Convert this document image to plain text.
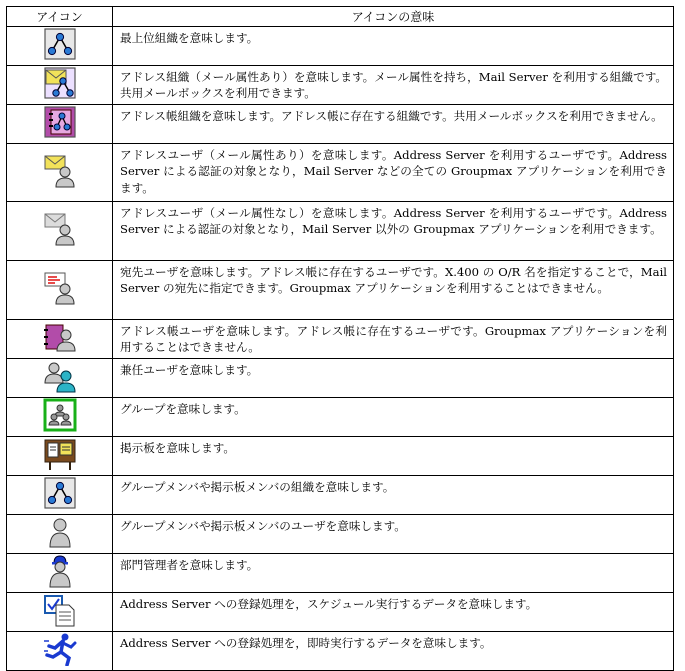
アイコン	アイコンの意味

最上位組織を意味します。

アドレス組織（メール属性あり）を意味します。メール属性を持ち，Mail Server を利用する組織です。共用メールボックスを利用できます。

アドレス帳組織を意味します。アドレス帳に存在する組織です。共用メールボックスを利用できません。

アドレスユーザ（メール属性あり）を意味します。Address Server を利用するユーザです。Address Server による認証の対象となり，Mail Server などの全ての Groupmax アプリケーションを利用できます。

アドレスユーザ（メール属性なし）を意味します。Address Server を利用するユーザです。Address Server による認証の対象となり，Mail Server 以外の Groupmax アプリケーションを利用できます。

宛先ユーザを意味します。アドレス帳に存在するユーザです。X.400 の O/R 名を指定することで，Mail Server の宛先に指定できます。Groupmax アプリケーションを利用することはできません。

アドレス帳ユーザを意味します。アドレス帳に存在するユーザです。Groupmax アプリケーションを利用することはできません。

兼任ユーザを意味します。

グループを意味します。

掲示板を意味します。

グループメンバや掲示板メンバの組織を意味します。

グループメンバや掲示板メンバのユーザを意味します。

部門管理者を意味します。

Address Server への登録処理を，スケジュール実行するデータを意味します。

Address Server への登録処理を，即時実行するデータを意味します。
